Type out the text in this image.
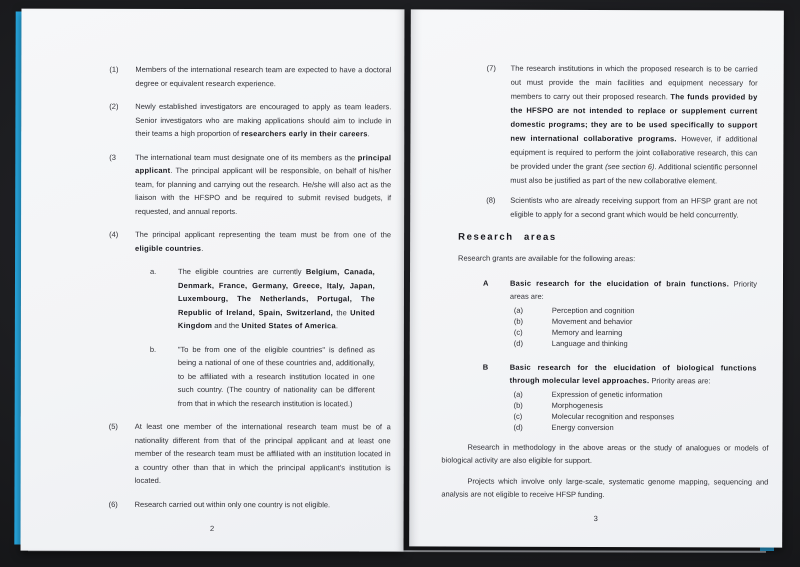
(1)	Members of the international research team are expected to have a doctoral degree or equivalent research experience.
(2)	Newly established investigators are encouraged to apply as team leaders. Senior investigators who are making applications should aim to include in their teams a high proportion of researchers early in their careers.
(3	The international team must designate one of its members as the principal applicant. The principal applicant will be responsible, on behalf of his/her team, for planning and carrying out the research. He/she will also act as the liaison with the HFSPO and be required to submit revised budgets, if requested, and annual reports.
(4)	The principal applicant representing the team must be from one of the eligible countries.
a.	The eligible countries are currently Belgium, Canada, Denmark, France, Germany, Greece, Italy, Japan, Luxembourg, The Netherlands, Portugal, The Republic of Ireland, Spain, Switzerland, the United Kingdom and the United States of America.
b.	"To be from one of the eligible countries" is defined as being a national of one of these countries and, additionally, to be affiliated with a research institution located in one such country. (The country of nationality can be different from that in which the research institution is located.)
(5)	At least one member of the international research team must be of a nationality different from that of the principal applicant and at least one member of the research team must be affiliated with an institution located in a country other than that in which the principal applicant's institution is located.
(6)	Research carried out within only one country is not eligible.
2
(7)	The research institutions in which the proposed research is to be carried out must provide the main facilities and equipment necessary for members to carry out their proposed research. The funds provided by the HFSPO are not intended to replace or supplement current domestic programs; they are to be used specifically to support new international collaborative programs. However, if additional equipment is required to perform the joint collaborative research, this can be provided under the grant (see section 6). Additional scientific personnel must also be justified as part of the new collaborative element.
(8)	Scientists who are already receiving support from an HFSP grant are not eligible to apply for a second grant which would be held concurrently.
Research areas
Research grants are available for the following areas:
A	Basic research for the elucidation of brain functions. Priority areas are:
(a)	Perception and cognition
(b)	Movement and behavior
(c)	Memory and learning
(d)	Language and thinking
B	Basic research for the elucidation of biological functions through molecular level approaches. Priority areas are:
(a)	Expression of genetic information
(b)	Morphogenesis
(c)	Molecular recognition and responses
(d)	Energy conversion

Research in methodology in the above areas or the study of analogues or models of biological activity are also eligible for support.

Projects which involve only large-scale, systematic genome mapping, sequencing and analysis are not eligible to receive HFSP funding.

3
